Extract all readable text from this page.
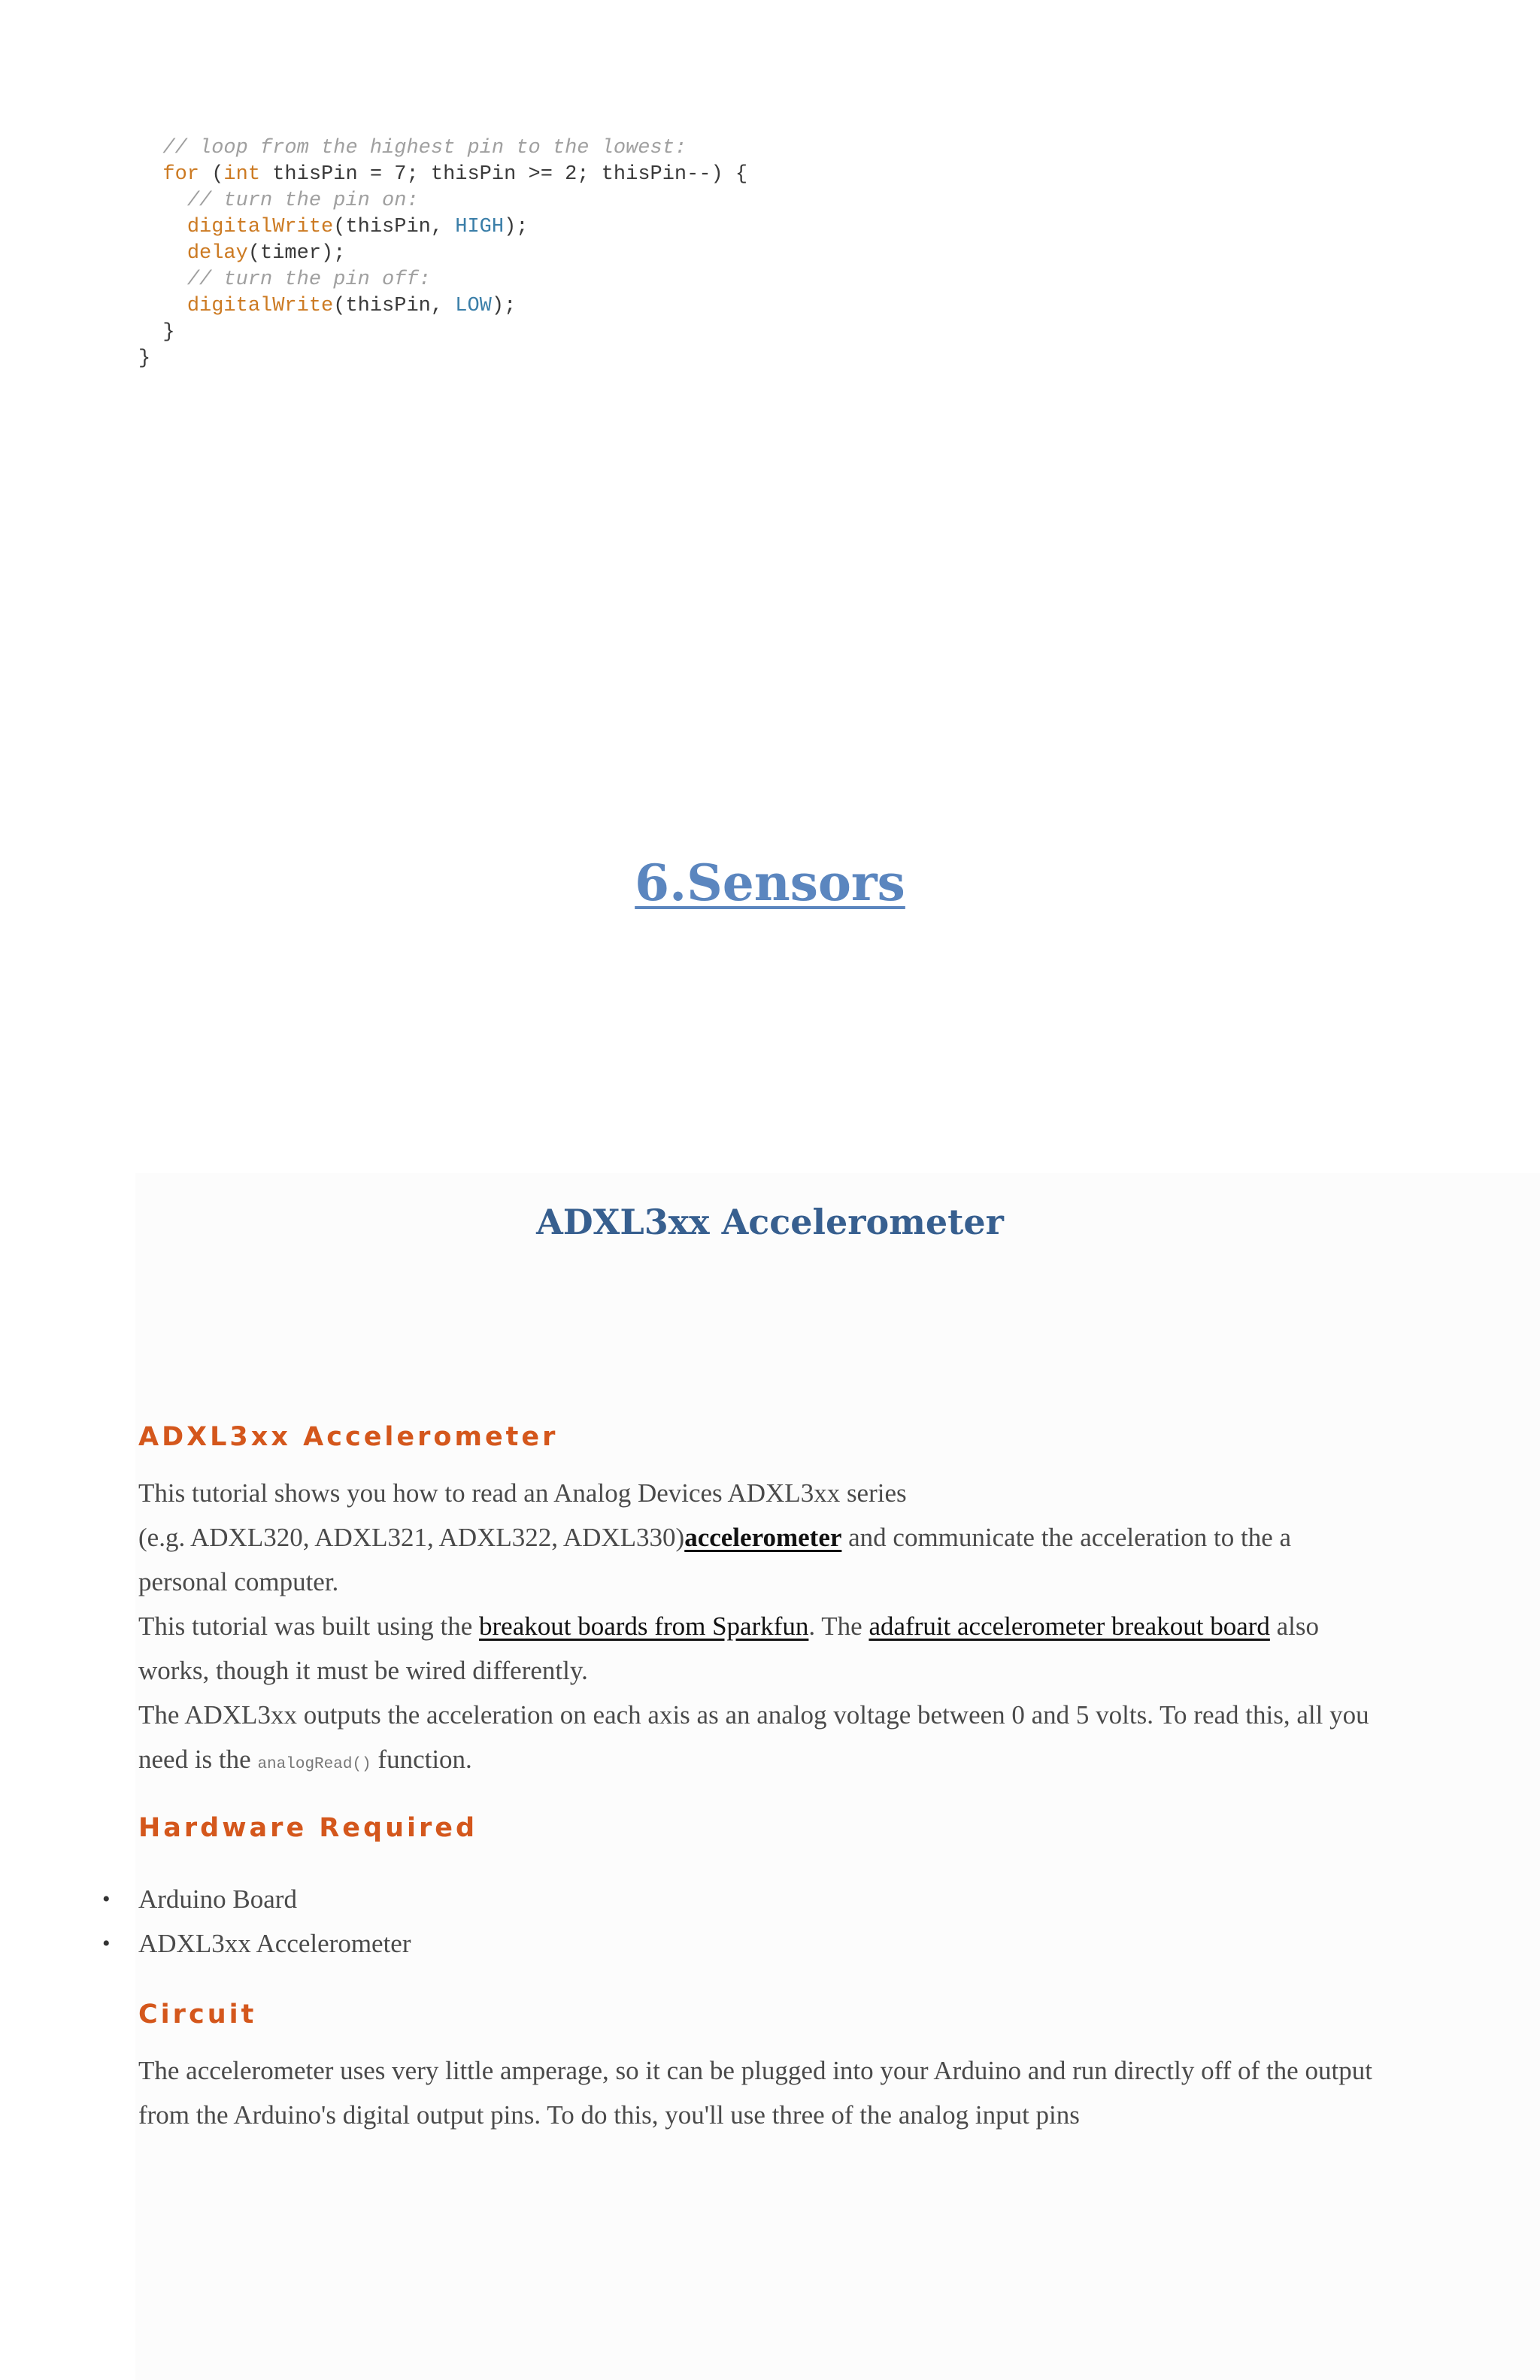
// loop from the highest pin to the lowest:
for (int thisPin = 7; thisPin >= 2; thisPin--) {
// turn the pin on:
digitalWrite(thisPin, HIGH);
delay(timer);
// turn the pin off:
digitalWrite(thisPin, LOW);
}
}
6.Sensors
ADXL3xx Accelerometer
ADXL3xx Accelerometer
This tutorial shows you how to read an Analog Devices ADXL3xx series
(e.g. ADXL320, ADXL321, ADXL322, ADXL330)accelerometer and communicate the acceleration to the a personal computer.
This tutorial was built using the breakout boards from Sparkfun. The adafruit accelerometer breakout board also works, though it must be wired differently.
The ADXL3xx outputs the acceleration on each axis as an analog voltage between 0 and 5 volts. To read this, all you need is the analogRead() function.
Hardware Required
• Arduino Board
• ADXL3xx Accelerometer
Circuit
The accelerometer uses very little amperage, so it can be plugged into your Arduino and run directly off of the output from the Arduino's digital output pins. To do this, you'll use three of the analog input pins
